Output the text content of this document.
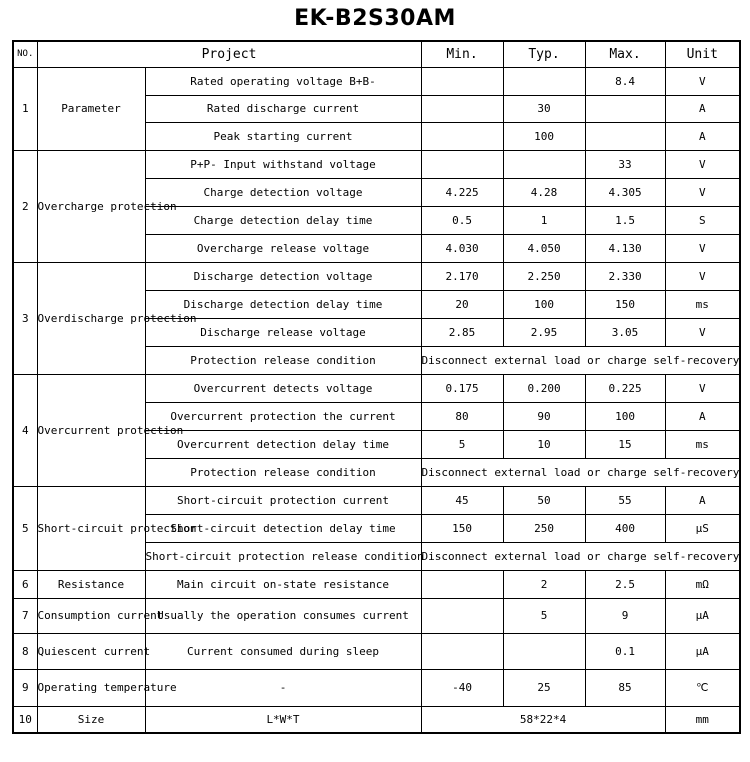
EK-B2S30AM
NO.	Project		Min.	Typ.	Max.	Unit
1	Parameter	Rated operating voltage B+B-			8.4	V
		Rated discharge current		30		A
		Peak starting current		100		A
2	Overcharge protection	P+P- Input withstand voltage			33	V
		Charge detection voltage	4.225	4.28	4.305	V
		Charge detection delay time	0.5	1	1.5	S
		Overcharge release voltage	4.030	4.050	4.130	V
3	Overdischarge protection	Discharge detection voltage	2.170	2.250	2.330	V
		Discharge detection delay time	20	100	150	ms
		Discharge release voltage	2.85	2.95	3.05	V
		Protection release condition	Disconnect external load or charge self-recovery			
4	Overcurrent protection	Overcurrent detects voltage	0.175	0.200	0.225	V
		Overcurrent protection the current	80	90	100	A
		Overcurrent detection delay time	5	10	15	ms
		Protection release condition	Disconnect external load or charge self-recovery			
5	Short-circuit protection	Short-circuit protection current	45	50	55	A
		Short-circuit detection delay time	150	250	400	μS
		Short-circuit protection release condition	Disconnect external load or charge self-recovery			
6	Resistance	Main circuit on-state resistance		2	2.5	mΩ
7	Consumption current	Usually the operation consumes current		5	9	μA
8	Quiescent current	Current consumed during sleep			0.1	μA
9	Operating temperature	-	-40	25	85	℃
10	Size	L*W*T	58*22*4			mm
